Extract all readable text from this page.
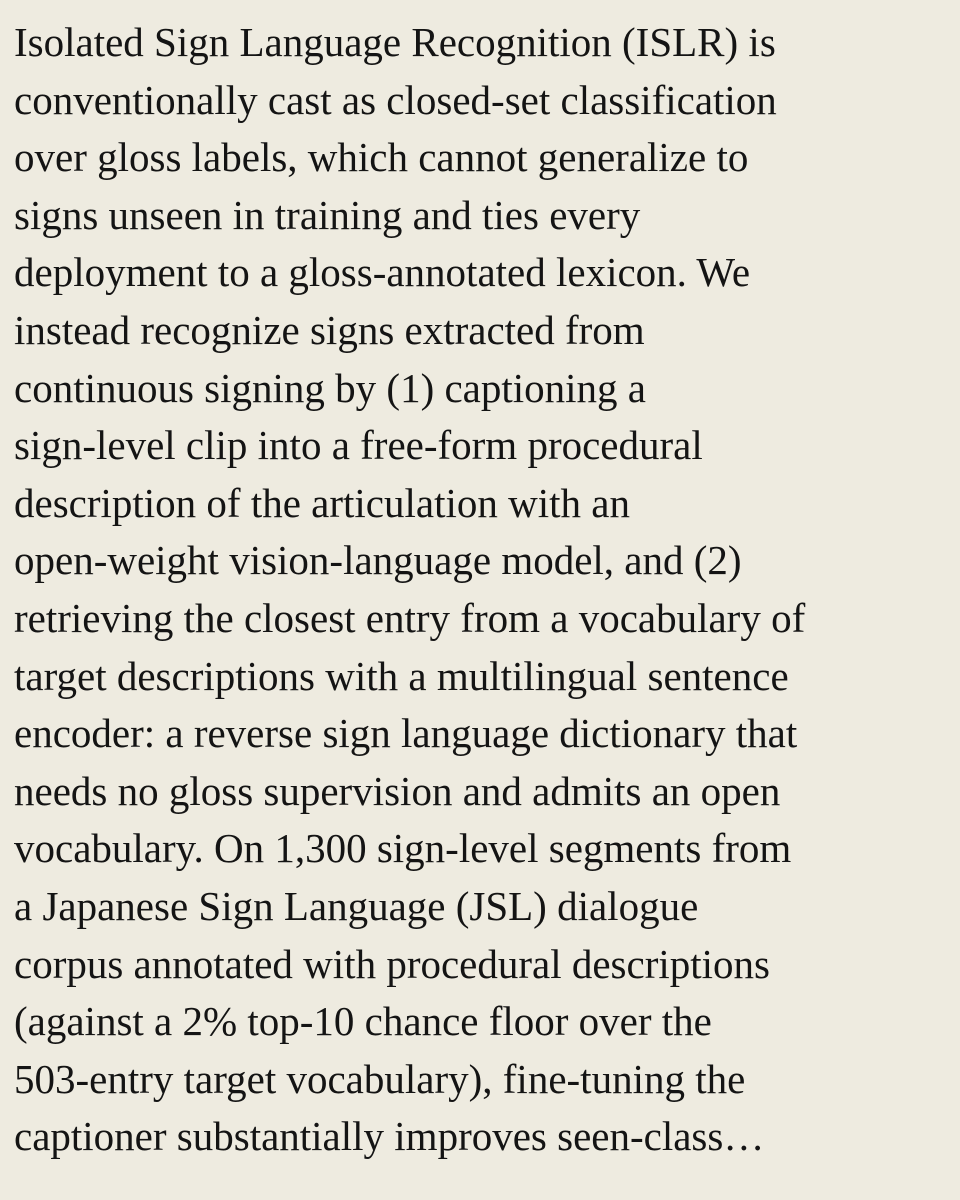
Isolated Sign Language Recognition (ISLR) is
conventionally cast as closed-set classification
over gloss labels, which cannot generalize to
signs unseen in training and ties every
deployment to a gloss-annotated lexicon. We
instead recognize signs extracted from
continuous signing by (1) captioning a
sign-level clip into a free-form procedural
description of the articulation with an
open-weight vision-language model, and (2)
retrieving the closest entry from a vocabulary of
target descriptions with a multilingual sentence
encoder: a reverse sign language dictionary that
needs no gloss supervision and admits an open
vocabulary. On 1,300 sign-level segments from
a Japanese Sign Language (JSL) dialogue
corpus annotated with procedural descriptions
(against a 2% top-10 chance floor over the
503-entry target vocabulary), fine-tuning the
captioner substantially improves seen-class…
